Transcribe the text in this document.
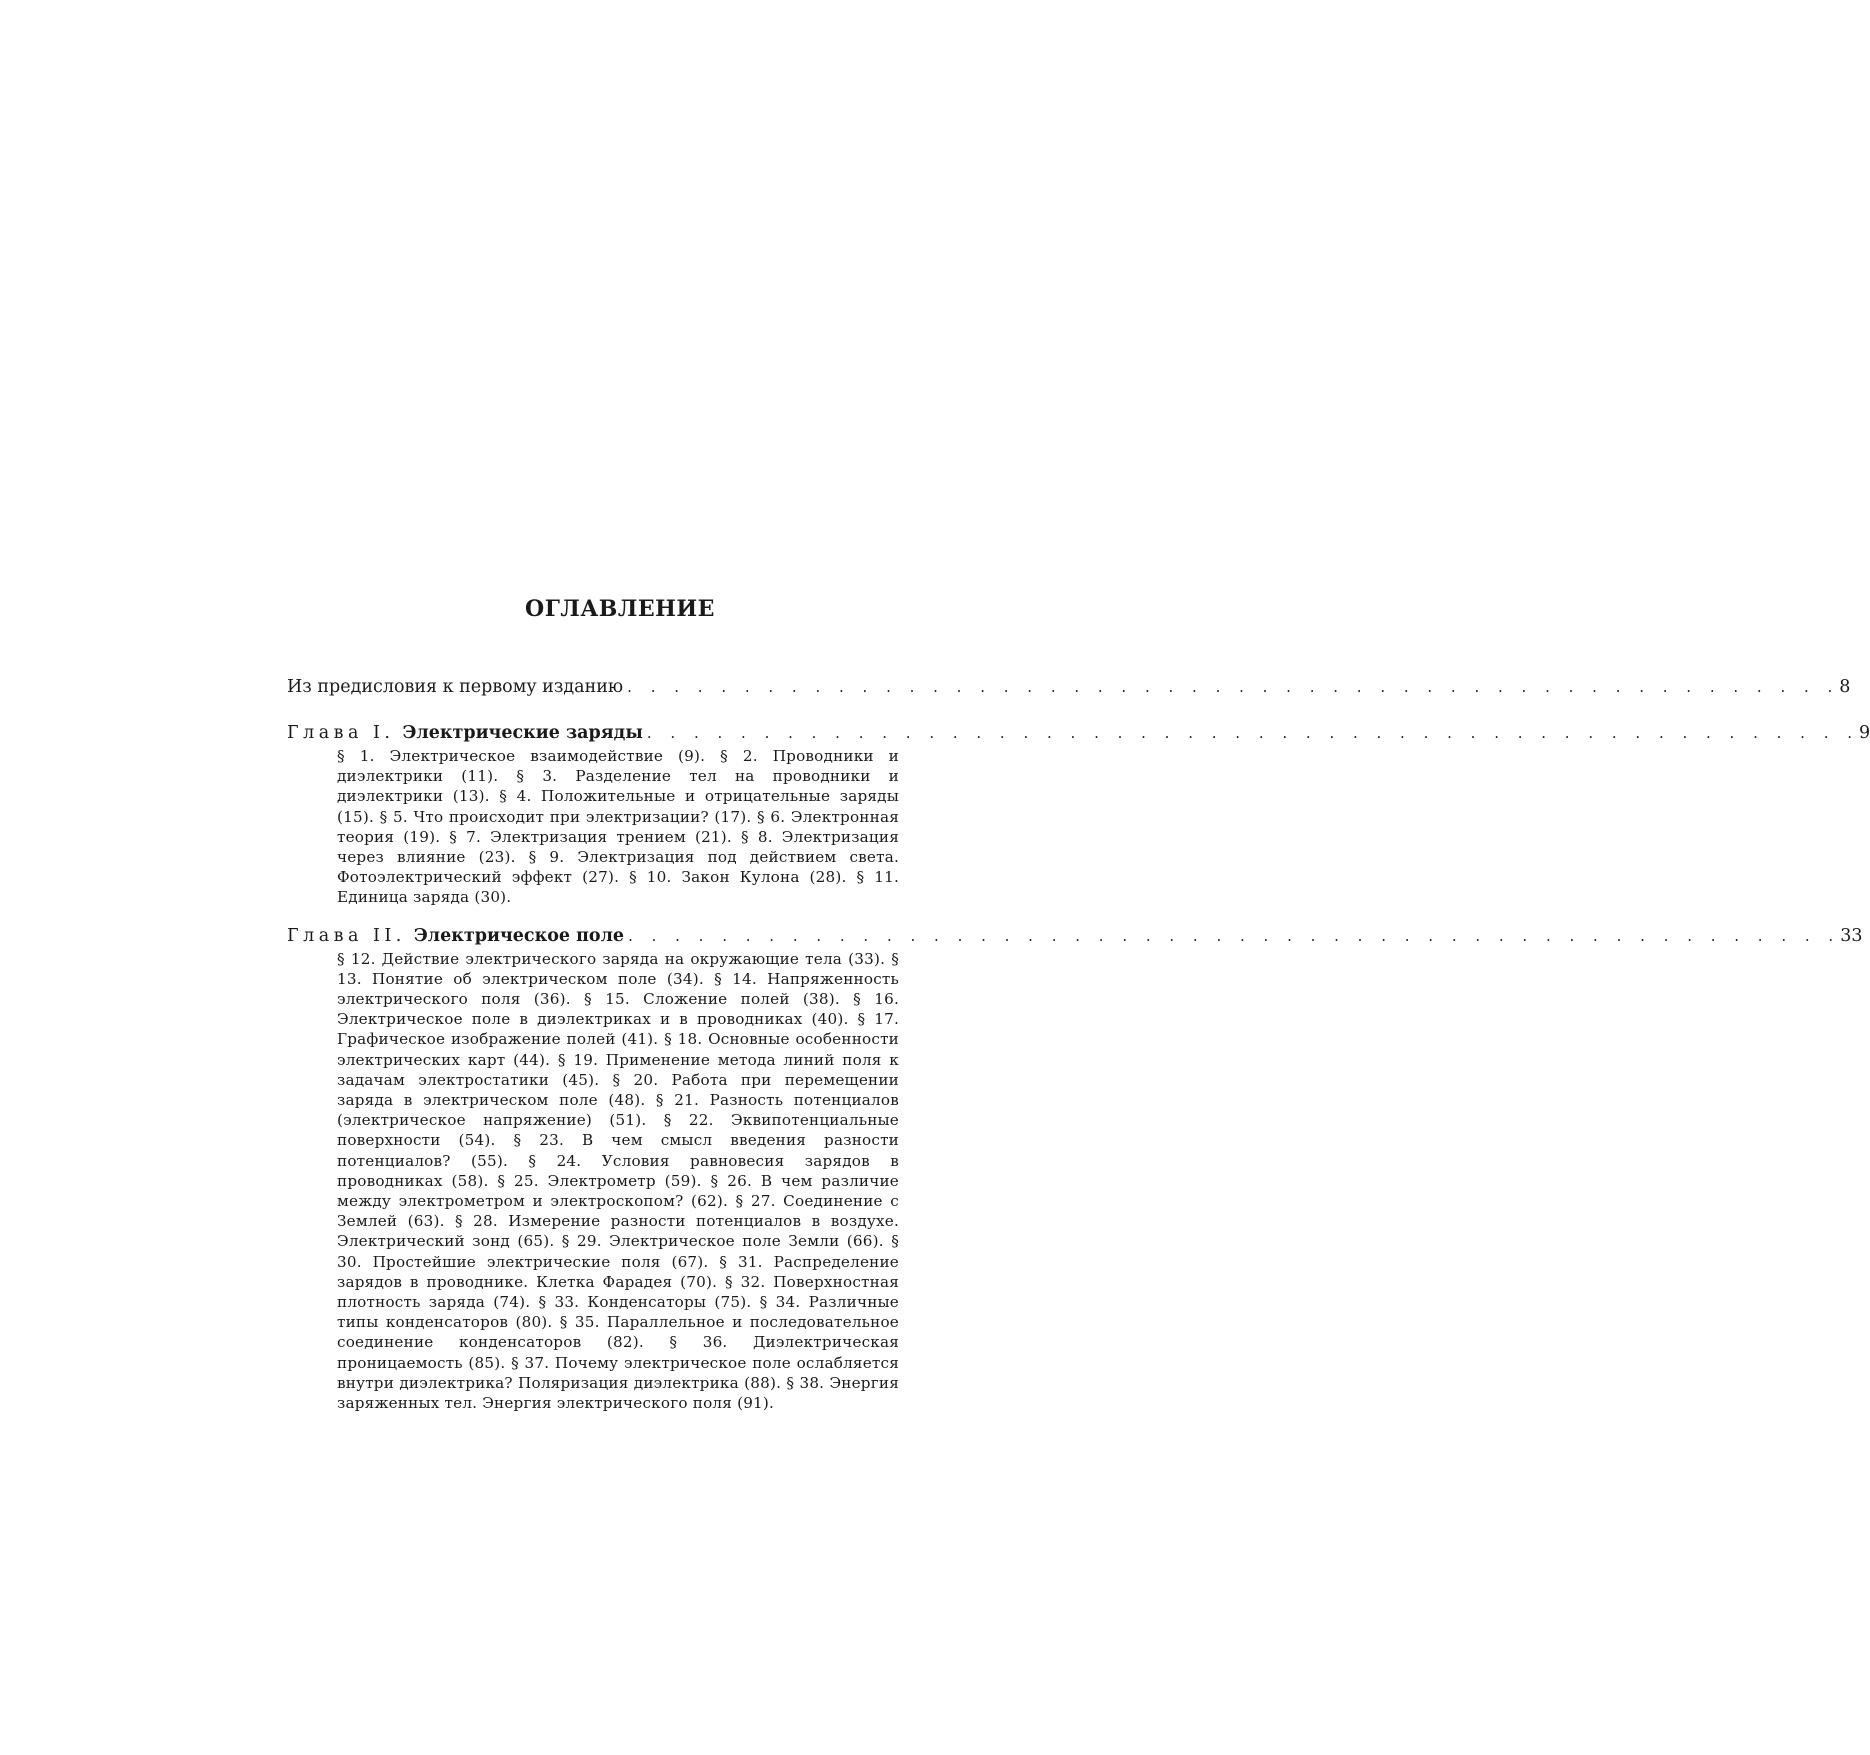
ОГЛАВЛЕНИЕ
Из предисловия к первому изданию . . . . . . . . . . . . . . . . . . . . . . . . . . . . . . . . . . . . . . . . . . . . . . . . . . . . 8
Глава I. Электрические заряды . . . . . . . . . . . . . . . . . . . . . . . . . . . . . . . . . . . . . . . . . . . . . . . . . . . . 9

§ 1. Электрическое взаимодействие (9). § 2. Проводники и диэлектрики (11). § 3. Разделение тел на проводники и диэлектрики (13). § 4. Положительные и отрицательные заряды (15). § 5. Что происходит при электризации? (17). § 6. Электронная теория (19). § 7. Электризация трением (21). § 8. Электризация через влияние (23). § 9. Электризация под действием света. Фотоэлектрический эффект (27). § 10. Закон Кулона (28). § 11. Единица заряда (30).

Глава II. Электрическое поле . . . . . . . . . . . . . . . . . . . . . . . . . . . . . . . . . . . . . . . . . . . . . . . . . . . . 33

§ 12. Действие электрического заряда на окружающие тела (33). § 13. Понятие об электрическом поле (34). § 14. Напряженность электрического поля (36). § 15. Сложение полей (38). § 16. Электрическое поле в диэлектриках и в проводниках (40). § 17. Графическое изображение полей (41). § 18. Основные особенности электрических карт (44). § 19. Применение метода линий поля к задачам электростатики (45). § 20. Работа при перемещении заряда в электрическом поле (48). § 21. Разность потенциалов (электрическое напряжение) (51). § 22. Эквипотенциальные поверхности (54). § 23. В чем смысл введения разности потенциалов? (55). § 24. Условия равновесия зарядов в проводниках (58). § 25. Электрометр (59). § 26. В чем различие между электрометром и электроскопом? (62). § 27. Соединение с Землей (63). § 28. Измерение разности потенциалов в воздухе. Электрический зонд (65). § 29. Электрическое поле Земли (66). § 30. Простейшие электрические поля (67). § 31. Распределение зарядов в проводнике. Клетка Фарадея (70). § 32. Поверхностная плотность заряда (74). § 33. Конденсаторы (75). § 34. Различные типы конденсаторов (80). § 35. Параллельное и последовательное соединение конденсаторов (82). § 36. Диэлектрическая проницаемость (85). § 37. Почему электрическое поле ослабляется внутри диэлектрика? Поляризация диэлектрика (88). § 38. Энергия заряженных тел. Энергия электрического поля (91).
